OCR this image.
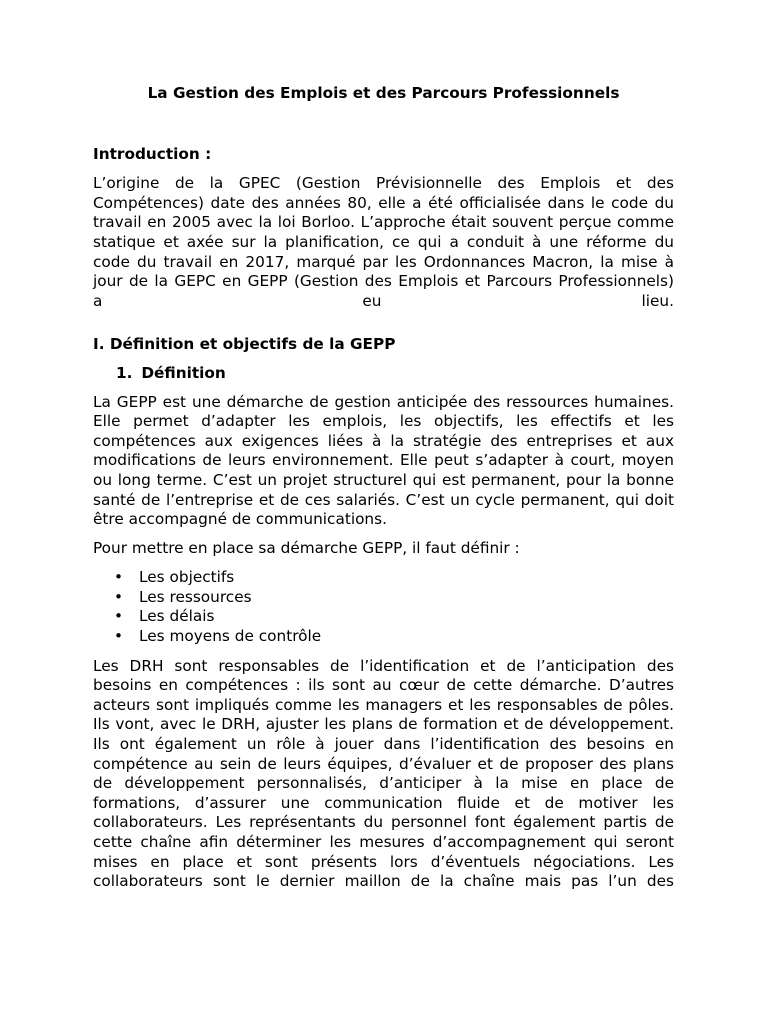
La Gestion des Emplois et des Parcours Professionnels

Introduction :

L’origine de la GPEC (Gestion Prévisionnelle des Emplois et des

Compétences) date des années 80, elle a été officialisée dans le code du

travail en 2005 avec la loi Borloo. L’approche était souvent perçue comme

statique et axée sur la planification, ce qui a conduit à une réforme du

code du travail en 2017, marqué par les Ordonnances Macron, la mise à

jour de la GEPC en GEPP (Gestion des Emplois et Parcours Professionnels)

a eu lieu.

I. Définition et objectifs de la GEPP

1. Définition

La GEPP est une démarche de gestion anticipée des ressources humaines.

Elle permet d’adapter les emplois, les objectifs, les effectifs et les

compétences aux exigences liées à la stratégie des entreprises et aux

modifications de leurs environnement. Elle peut s’adapter à court, moyen

ou long terme. C’est un projet structurel qui est permanent, pour la bonne

santé de l’entreprise et de ces salariés. C’est un cycle permanent, qui doit

être accompagné de communications.

Pour mettre en place sa démarche GEPP, il faut définir :

• Les objectifs
• Les ressources
• Les délais
• Les moyens de contrôle

Les DRH sont responsables de l’identification et de l’anticipation des

besoins en compétences : ils sont au cœur de cette démarche. D’autres

acteurs sont impliqués comme les managers et les responsables de pôles.

Ils vont, avec le DRH, ajuster les plans de formation et de développement.

Ils ont également un rôle à jouer dans l’identification des besoins en

compétence au sein de leurs équipes, d’évaluer et de proposer des plans

de développement personnalisés, d’anticiper à la mise en place de

formations, d’assurer une communication fluide et de motiver les

collaborateurs. Les représentants du personnel font également partis de

cette chaîne afin déterminer les mesures d’accompagnement qui seront

mises en place et sont présents lors d’éventuels négociations. Les

collaborateurs sont le dernier maillon de la chaîne mais pas l’un des
